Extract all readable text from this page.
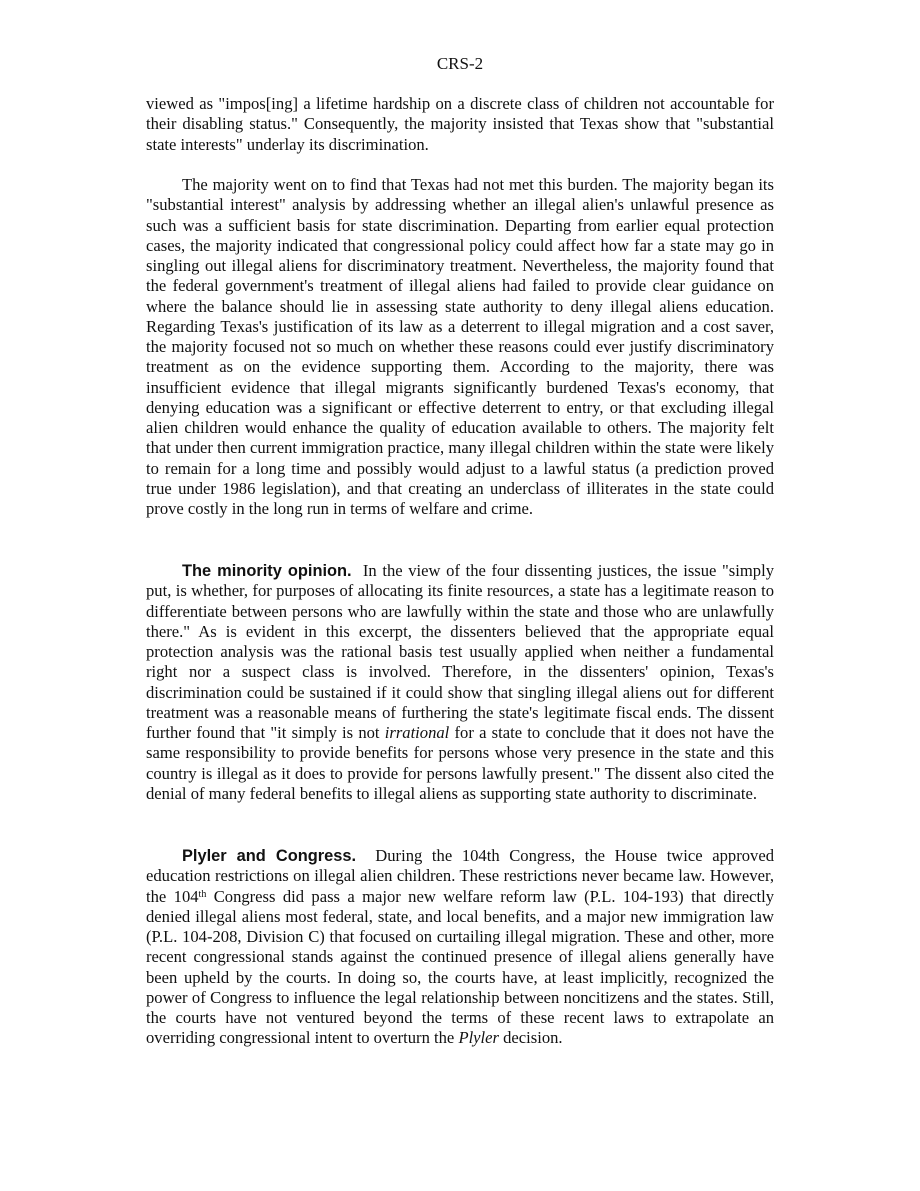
CRS-2

viewed as "impos[ing] a lifetime hardship on a discrete class of children not accountable for their disabling status." Consequently, the majority insisted that Texas show that "substantial state interests" underlay its discrimination.

The majority went on to find that Texas had not met this burden. The majority began its "substantial interest" analysis by addressing whether an illegal alien's unlawful presence as such was a sufficient basis for state discrimination. Departing from earlier equal protection cases, the majority indicated that congressional policy could affect how far a state may go in singling out illegal aliens for discriminatory treatment. Nevertheless, the majority found that the federal government's treatment of illegal aliens had failed to provide clear guidance on where the balance should lie in assessing state authority to deny illegal aliens education. Regarding Texas's justification of its law as a deterrent to illegal migration and a cost saver, the majority focused not so much on whether these reasons could ever justify discriminatory treatment as on the evidence supporting them. According to the majority, there was insufficient evidence that illegal migrants significantly burdened Texas's economy, that denying education was a significant or effective deterrent to entry, or that excluding illegal alien children would enhance the quality of education available to others. The majority felt that under then current immigration practice, many illegal children within the state were likely to remain for a long time and possibly would adjust to a lawful status (a prediction proved true under 1986 legislation), and that creating an underclass of illiterates in the state could prove costly in the long run in terms of welfare and crime.

The minority opinion. In the view of the four dissenting justices, the issue "simply put, is whether, for purposes of allocating its finite resources, a state has a legitimate reason to differentiate between persons who are lawfully within the state and those who are unlawfully there." As is evident in this excerpt, the dissenters believed that the appropriate equal protection analysis was the rational basis test usually applied when neither a fundamental right nor a suspect class is involved. Therefore, in the dissenters' opinion, Texas's discrimination could be sustained if it could show that singling illegal aliens out for different treatment was a reasonable means of furthering the state's legitimate fiscal ends. The dissent further found that "it simply is not irrational for a state to conclude that it does not have the same responsibility to provide benefits for persons whose very presence in the state and this country is illegal as it does to provide for persons lawfully present." The dissent also cited the denial of many federal benefits to illegal aliens as supporting state authority to discriminate.

Plyler and Congress. During the 104th Congress, the House twice approved education restrictions on illegal alien children. These restrictions never became law. However, the 104th Congress did pass a major new welfare reform law (P.L. 104-193) that directly denied illegal aliens most federal, state, and local benefits, and a major new immigration law (P.L. 104-208, Division C) that focused on curtailing illegal migration. These and other, more recent congressional stands against the continued presence of illegal aliens generally have been upheld by the courts. In doing so, the courts have, at least implicitly, recognized the power of Congress to influence the legal relationship between noncitizens and the states. Still, the courts have not ventured beyond the terms of these recent laws to extrapolate an overriding congressional intent to overturn the Plyler decision.
